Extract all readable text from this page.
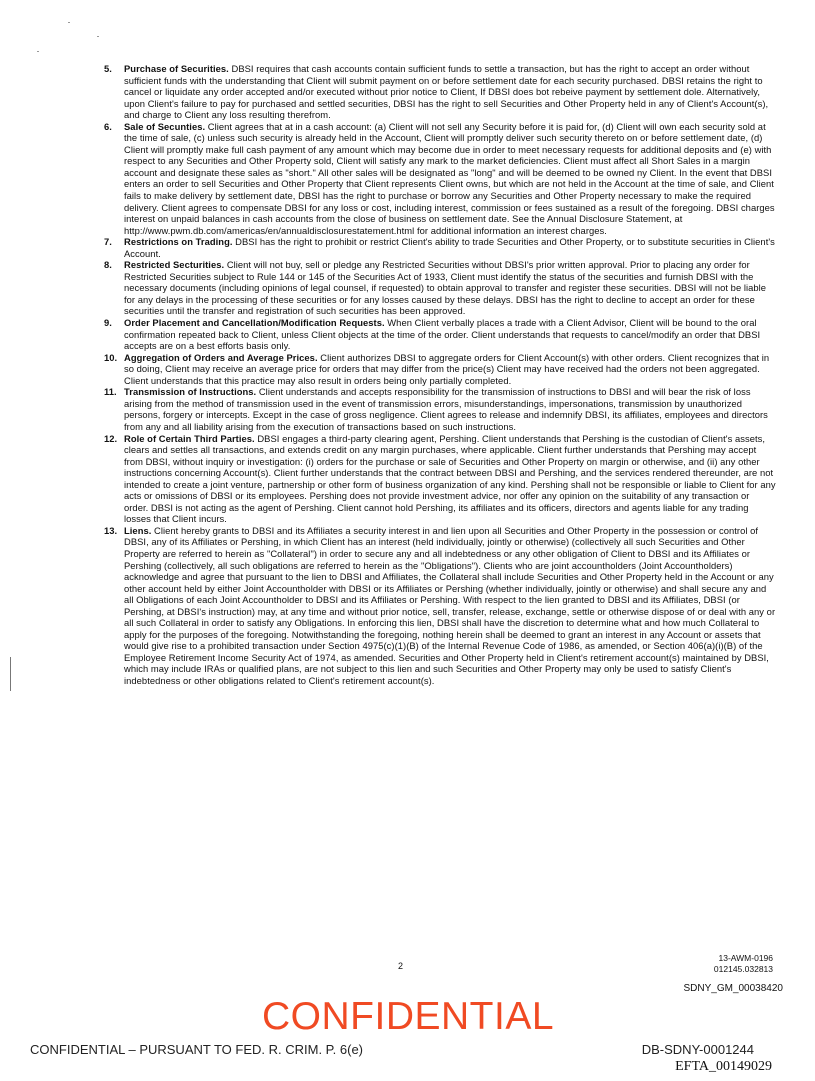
5. Purchase of Securities. DBSI requires that cash accounts contain sufficient funds to settle a transaction, but has the right to accept an order without sufficient funds with the understanding that Client will submit payment on or before settlement date for each security purchased. DBSI retains the right to cancel or liquidate any order accepted and/or executed without prior notice to Client, If DBSI does bot rebeive payment by settlement dole. Alternatively, upon Client's failure to pay for purchased and settled securities, DBSI has the right to sell Securities and Other Property held in any of Client's Account(s), and charge to Client any loss resulting therefrom.
6. Sale of Secunties. Client agrees that at in a cash account: (a) Client will not sell any Security before it is paid for, (d) Client will own each security sold at the time of sale, (c) unless such security is already held in the Account, Client will promptly deliver such security thereto on or before settlement date, (d) Client will promptly make full cash payment of any amount which may become due in order to meet necessary requests for additional deposits and (e) with respect to any Securities and Other Property sold, Client will satisfy any mark to the market deficiencies. Client must affect all Short Sales in a margin account and designate these sales as "short." All other sales will be designated as "long" and will be deemed to be owned ny Client. In the event that DBSI enters an order to sell Securities and Other Property that Client represents Client owns, but which are not held in the Account at the time of sale, and Client fails to make delivery by settlement date, DBSI has the right to purchase or borrow any Securities and Other Property necessary to make the required delivery. Client agrees to compensate DBSI for any loss or cost, including interest, commission or fees sustained as a result of the foregoing. DBSI charges interest on unpaid balances in cash accounts from the close of business on settlement date. See the Annual Disclosure Statement, at http://www.pwm.db.com/americas/en/annualdisclosurestatement.html for additional information an interest charges.
7. Restrictions on Trading. DBSI has the right to prohibit or restrict Client's ability to trade Securities and Other Property, or to substitute securities in Client's Account.
8. Restricted Secturities. Client will not buy, sell or pledge any Restricted Securities without DBSI's prior written approval. Prior to placing any order for Restricted Securities subject to Rule 144 or 145 of the Securities Act of 1933, Client must identify the status of the securities and furnish DBSI with the necessary documents (including opinions of legal counsel, if requested) to obtain approval to transfer and register these securities. DBSI will not be liable for any delays in the processing of these securities or for any losses caused by these delays. DBSI has the right to decline to accept an order for these securities until the transfer and registration of such securities has been approved.
9. Order Placement and Cancellation/Modification Requests. When Client verbally places a trade with a Client Advisor, Client will be bound to the oral confirmation repeated back to Client, unless Client objects at the time of the order. Client understands that requests to cancel/modify an order that DBSI accepts are on a best efforts basis only.
10. Aggregation of Orders and Average Prices. Client authorizes DBSI to aggregate orders for Client Account(s) with other orders. Client recognizes that in so doing, Client may receive an average price for orders that may differ from the price(s) Client may have received had the orders not been aggregated. Client understands that this practice may also result in orders being only partially completed.
11. Transmission of Instructions. Client understands and accepts responsibility for the transmission of instructions to DBSI and will bear the risk of loss arising from the method of transmission used in the event of transmission errors, misunderstandings, impersonations, transmission by unauthorized persons, forgery or intercepts. Except in the case of gross negligence. Client agrees to release and indemnify DBSI, its affiliates, employees and directors from any and all liability arising from the execution of transactions based on such instructions.
12. Role of Certain Third Parties. DBSI engages a third-party clearing agent, Pershing. Client understands that Pershing is the custodian of Client's assets, clears and settles all transactions, and extends credit on any margin purchases, where applicable. Client further understands that Pershing may accept from DBSI, without inquiry or investigation: (i) orders for the purchase or sale of Securities and Other Property on margin or otherwise, and (ii) any other instructions concerning Account(s). Client further understands that the contract between DBSI and Pershing, and the services rendered thereunder, are not intended to create a joint venture, partnership or other form of business organization of any kind. Pershing shall not be responsible or liable to Client for any acts or omissions of DBSI or its employees. Pershing does not provide investment advice, nor offer any opinion on the suitability of any transaction or order. DBSI is not acting as the agent of Pershing. Client cannot hold Pershing, its affiliates and its officers, directors and agents liable for any trading losses that Client incurs.
13. Liens. Client hereby grants to DBSI and its Affiliates a security interest in and lien upon all Securities and Other Property in the possession or control of DBSI, any of its Affiliates or Pershing, in which Client has an interest (held individually, jointly or otherwise) (collectively all such Securities and Other Property are referred to herein as "Collateral") in order to secure any and all indebtedness or any other obligation of Client to DBSI and its Affiliates or Pershing (collectively, all such obligations are referred to herein as the "Obligations"). Clients who are joint accountholders (Joint Accountholders) acknowledge and agree that pursuant to the lien to DBSI and Affiliates, the Collateral shall include Securities and Other Property held in the Account or any other account held by either Joint Accountholder with DBSI or its Affiliates or Pershing (whether individually, jointly or otherwise) and shall secure any and all Obligations of each Joint Accountholder to DBSI and its Affiliates or Pershing. With respect to the lien granted to DBSI and its Affiliates, DBSI (or Pershing, at DBSI's instruction) may, at any time and without prior notice, sell, transfer, release, exchange, settle or otherwise dispose of or deal with any or all such Collateral in order to satisfy any Obligations. In enforcing this lien, DBSI shall have the discretion to determine what and how much Collateral to apply for the purposes of the foregoing. Notwithstanding the foregoing, nothing herein shall be deemed to grant an interest in any Account or assets that would give rise to a prohibited transaction under Section 4975(c)(1)(B) of the Internal Revenue Code of 1986, as amended, or Section 406(a)(i)(B) of the Employee Retirement Income Security Act of 1974, as amended. Securities and Other Property held in Client's retirement account(s) maintained by DBSI, which may include IRAs or qualified plans, are not subject to this lien and such Securities and Other Property may only be used to satisfy Client's indebtedness or other obligations related to Client's retirement account(s).
2
13-AWM-0196
012145.032813
SDNY_GM_00038420
CONFIDENTIAL
CONFIDENTIAL – PURSUANT TO FED. R. CRIM. P. 6(e)	DB-SDNY-0001244
EFTA_00149029
